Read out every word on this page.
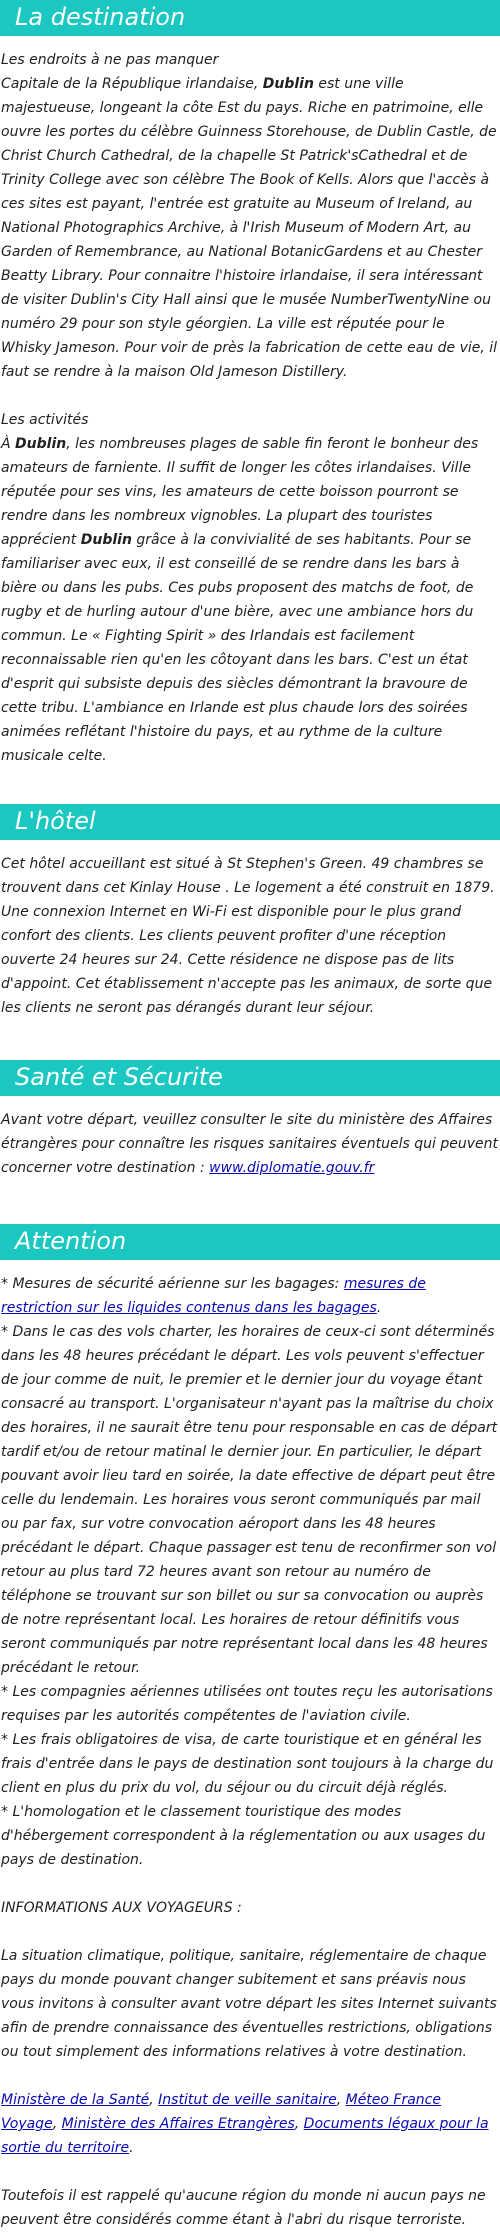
La destination

Les endroits à ne pas manquer

Capitale de la République irlandaise, Dublin est une ville majestueuse, longeant la côte Est du pays. Riche en patrimoine, elle ouvre les portes du célèbre Guinness Storehouse, de Dublin Castle, de Christ Church Cathedral, de la chapelle St Patrick'sCathedral et de Trinity College avec son célèbre The Book of Kells. Alors que l'accès à ces sites est payant, l'entrée est gratuite au Museum of Ireland, au National Photographics Archive, à l'Irish Museum of Modern Art, au Garden of Remembrance, au National BotanicGardens et au Chester Beatty Library. Pour connaitre l'histoire irlandaise, il sera intéressant de visiter Dublin's City Hall ainsi que le musée NumberTwentyNine ou numéro 29 pour son style géorgien. La ville est réputée pour le Whisky Jameson. Pour voir de près la fabrication de cette eau de vie, il faut se rendre à la maison Old Jameson Distillery.

Les activités

À Dublin, les nombreuses plages de sable fin feront le bonheur des amateurs de farniente. Il suffit de longer les côtes irlandaises. Ville réputée pour ses vins, les amateurs de cette boisson pourront se rendre dans les nombreux vignobles. La plupart des touristes apprécient Dublin grâce à la convivialité de ses habitants. Pour se familiariser avec eux, il est conseillé de se rendre dans les bars à bière ou dans les pubs. Ces pubs proposent des matchs de foot, de rugby et de hurling autour d'une bière, avec une ambiance hors du commun. Le « Fighting Spirit » des Irlandais est facilement reconnaissable rien qu'en les côtoyant dans les bars. C'est un état d'esprit qui subsiste depuis des siècles démontrant la bravoure de cette tribu. L'ambiance en Irlande est plus chaude lors des soirées animées reflétant l'histoire du pays, et au rythme de la culture musicale celte.

L'hôtel

Cet hôtel accueillant est situé à St Stephen's Green. 49 chambres se trouvent dans cet Kinlay House . Le logement a été construit en 1879. Une connexion Internet en Wi-Fi est disponible pour le plus grand confort des clients. Les clients peuvent profiter d'une réception ouverte 24 heures sur 24. Cette résidence ne dispose pas de lits d'appoint. Cet établissement n'accepte pas les animaux, de sorte que les clients ne seront pas dérangés durant leur séjour.

Santé et Sécurite

Avant votre départ, veuillez consulter le site du ministère des Affaires étrangères pour connaître les risques sanitaires éventuels qui peuvent concerner votre destination : www.diplomatie.gouv.fr

Attention

* Mesures de sécurité aérienne sur les bagages: mesures de restriction sur les liquides contenus dans les bagages.

* Dans le cas des vols charter, les horaires de ceux-ci sont déterminés dans les 48 heures précédant le départ. Les vols peuvent s'effectuer de jour comme de nuit, le premier et le dernier jour du voyage étant consacré au transport. L'organisateur n'ayant pas la maîtrise du choix des horaires, il ne saurait être tenu pour responsable en cas de départ tardif et/ou de retour matinal le dernier jour. En particulier, le départ pouvant avoir lieu tard en soirée, la date effective de départ peut être celle du lendemain. Les horaires vous seront communiqués par mail ou par fax, sur votre convocation aéroport dans les 48 heures précédant le départ. Chaque passager est tenu de reconfirmer son vol retour au plus tard 72 heures avant son retour au numéro de téléphone se trouvant sur son billet ou sur sa convocation ou auprès de notre représentant local. Les horaires de retour définitifs vous seront communiqués par notre représentant local dans les 48 heures précédant le retour.

* Les compagnies aériennes utilisées ont toutes reçu les autorisations requises par les autorités compétentes de l'aviation civile.

* Les frais obligatoires de visa, de carte touristique et en général les frais d'entrée dans le pays de destination sont toujours à la charge du client en plus du prix du vol, du séjour ou du circuit déjà réglés.

* L'homologation et le classement touristique des modes d'hébergement correspondent à la réglementation ou aux usages du pays de destination.

INFORMATIONS AUX VOYAGEURS :

La situation climatique, politique, sanitaire, réglementaire de chaque pays du monde pouvant changer subitement et sans préavis nous vous invitons à consulter avant votre départ les sites Internet suivants afin de prendre connaissance des éventuelles restrictions, obligations ou tout simplement des informations relatives à votre destination.

Ministère de la Santé, Institut de veille sanitaire, Méteo France Voyage, Ministère des Affaires Etrangères, Documents légaux pour la sortie du territoire.

Toutefois il est rappelé qu'aucune région du monde ni aucun pays ne peuvent être considérés comme étant à l'abri du risque terroriste.
